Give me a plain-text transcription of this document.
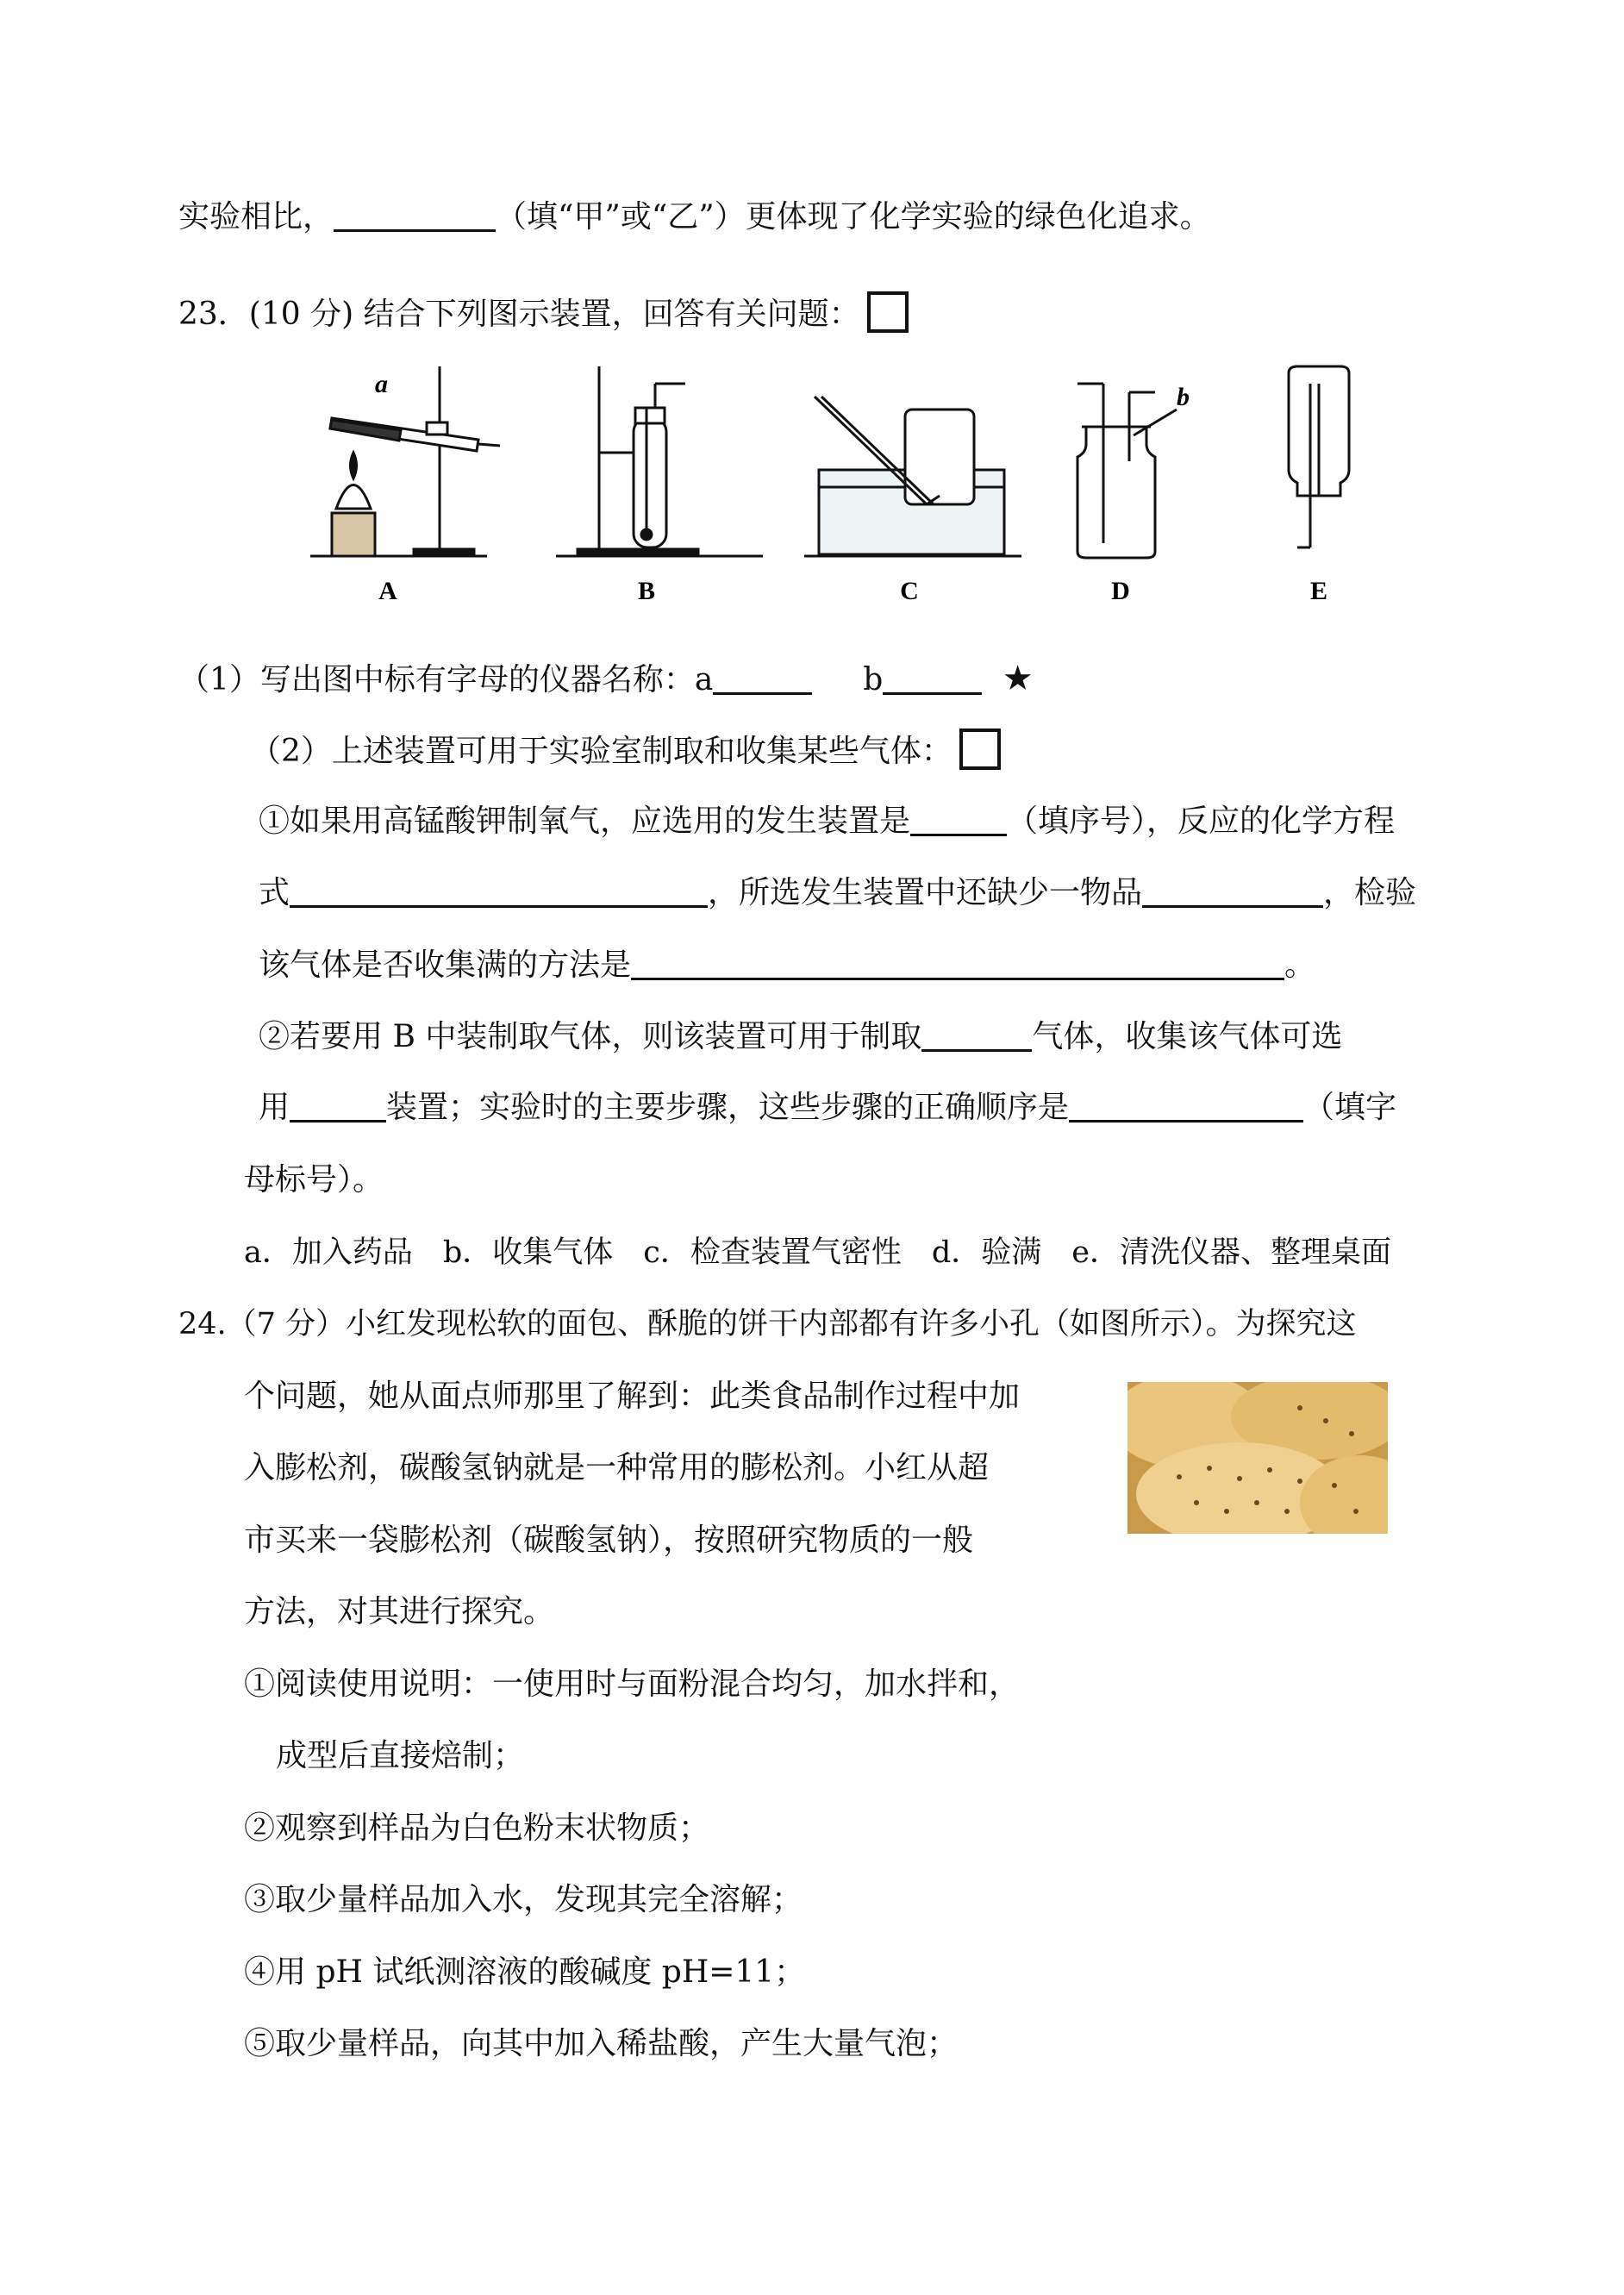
实验相比，	（填“甲”或“乙”）更体现了化学实验的绿色化追求。
23．(10 分) 结合下列图示装置，回答有关问题：
a
A	B	C
b
D	E
（1）写出图中标有字母的仪器名称：a	b	★
（2）上述装置可用于实验室制取和收集某些气体：
①如果用高锰酸钾制氧气，应选用的发生装置是	（填序号），反应的化学方程
式	，所选发生装置中还缺少一物品	，检验
该气体是否收集满的方法是	。
②若要用 B 中装制取气体，则该装置可用于制取	气体，收集该气体可选
用	装置；实验时的主要步骤，这些步骤的正确顺序是	（填字
母标号）。
a．加入药品　b．收集气体　c．检查装置气密性　d．验满　e．清洗仪器、整理桌面
24.（7 分）小红发现松软的面包、酥脆的饼干内部都有许多小孔（如图所示）。为探究这
个问题，她从面点师那里了解到：此类食品制作过程中加
入膨松剂，碳酸氢钠就是一种常用的膨松剂。小红从超
市买来一袋膨松剂（碳酸氢钠），按照研究物质的一般
方法，对其进行探究。
①阅读使用说明：一使用时与面粉混合均匀，加水拌和，
成型后直接焙制；
②观察到样品为白色粉末状物质；
③取少量样品加入水，发现其完全溶解；
④用 pH 试纸测溶液的酸碱度 pH=11；
⑤取少量样品，向其中加入稀盐酸，产生大量气泡；
